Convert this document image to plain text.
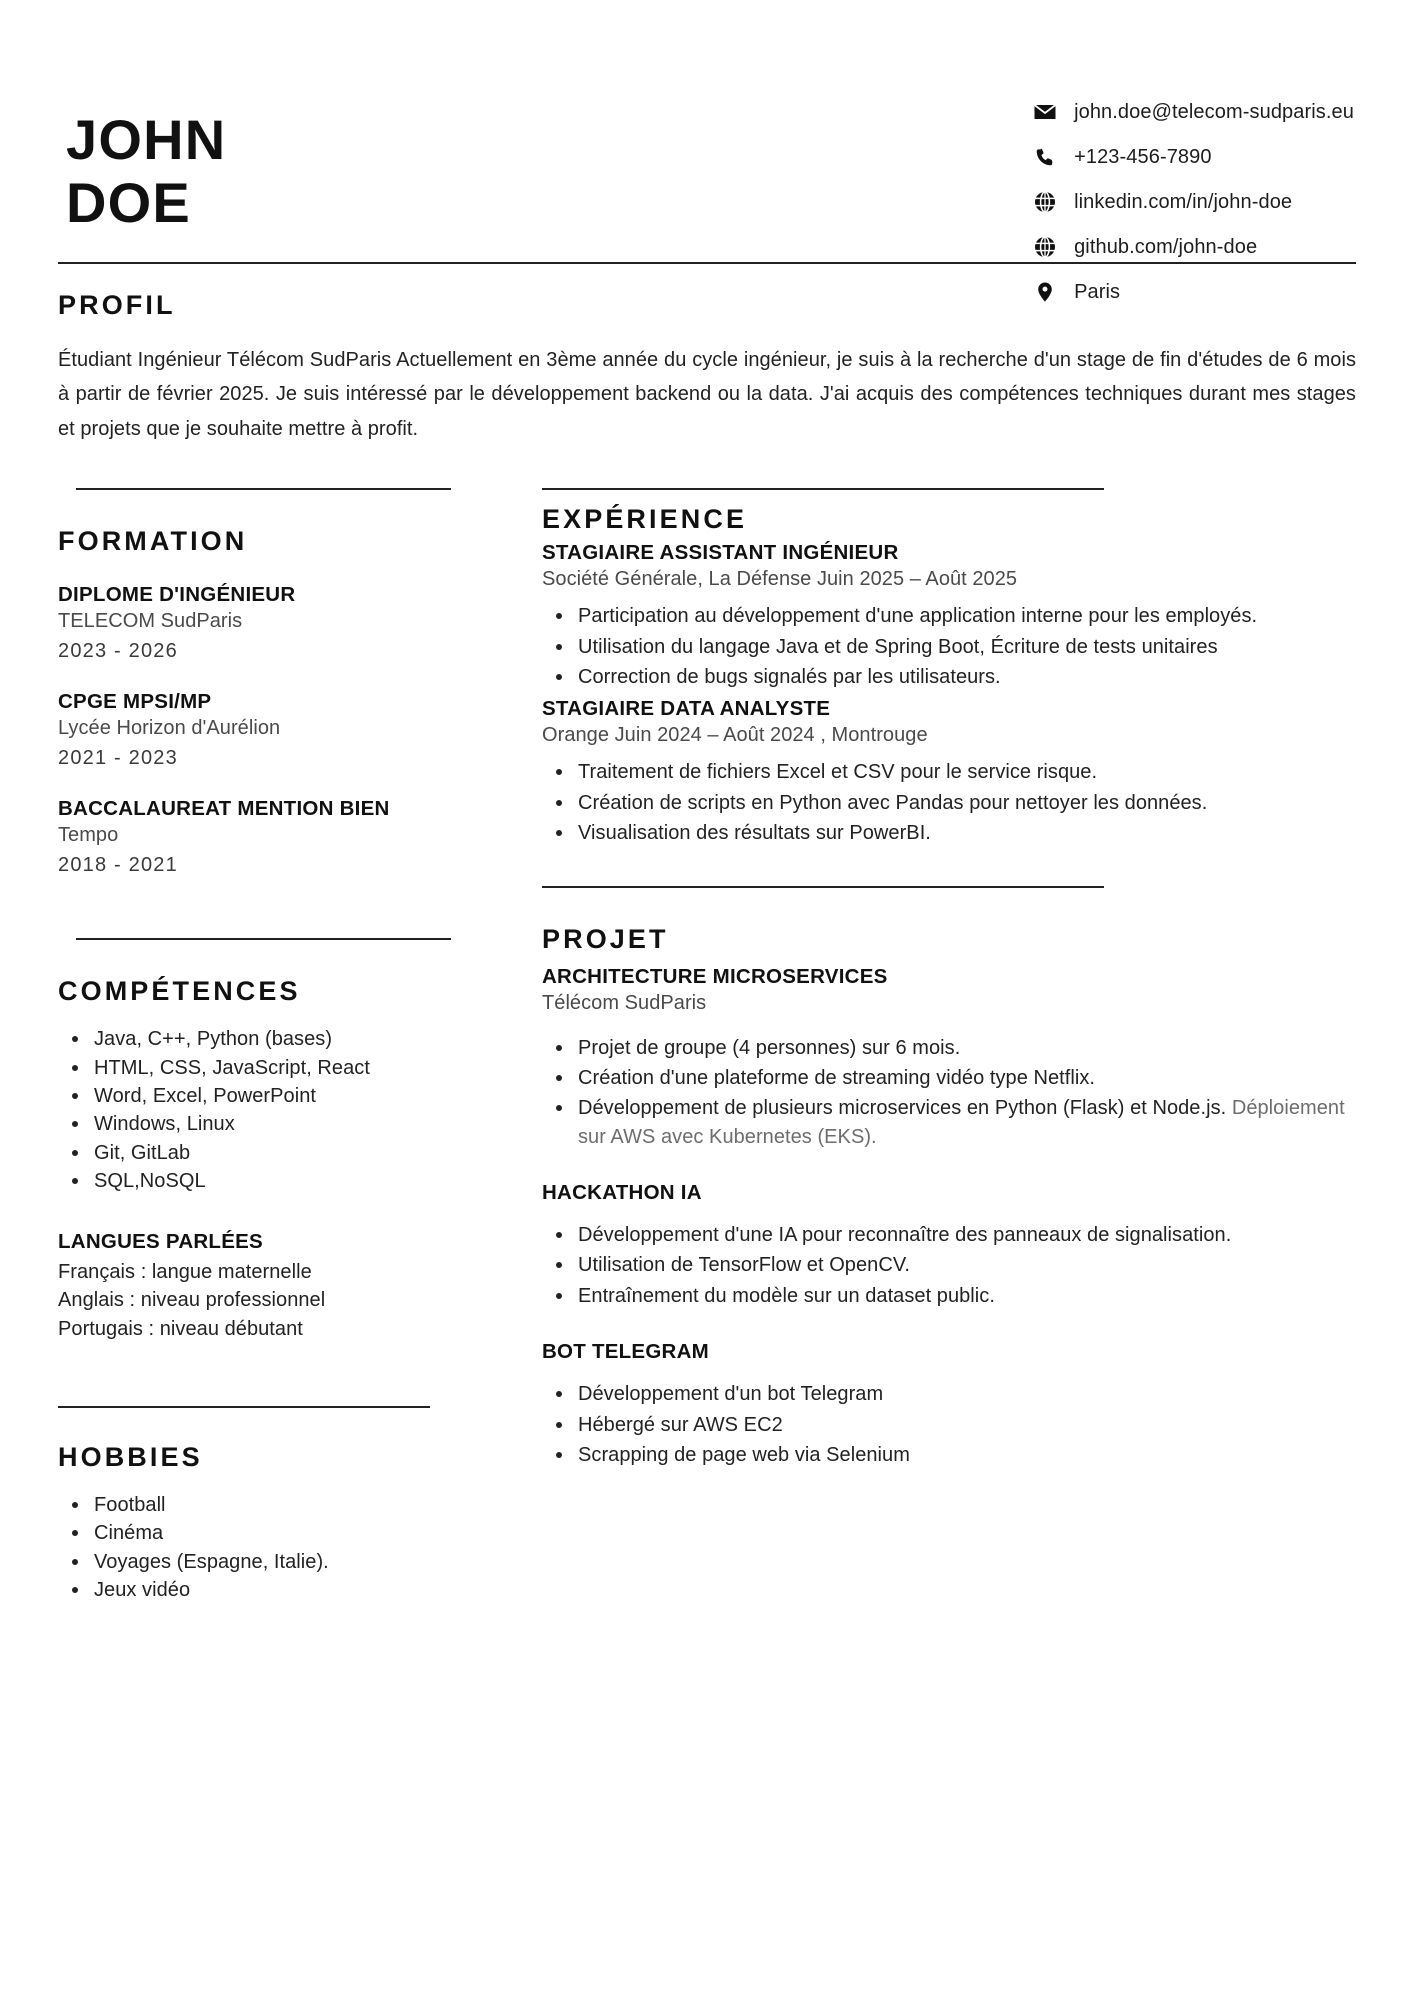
JOHN
DOE
john.doe@telecom-sudparis.eu
+123-456-7890
linkedin.com/in/john-doe
github.com/john-doe
Paris
PROFIL

Étudiant Ingénieur Télécom SudParis Actuellement en 3ème année du cycle ingénieur, je suis à la recherche d'un stage de fin d'études de 6 mois à partir de février 2025. Je suis intéressé par le développement backend ou la data. J'ai acquis des compétences techniques durant mes stages et projets que je souhaite mettre à profit.

FORMATION
DIPLOME D'INGÉNIEUR
TELECOM SudParis
2023 - 2026
CPGE MPSI/MP
Lycée Horizon d'Aurélion
2021 - 2023
BACCALAUREAT MENTION BIEN
Tempo
2018 - 2021
COMPÉTENCES
Java, C++, Python (bases)
HTML, CSS, JavaScript, React
Word, Excel, PowerPoint
Windows, Linux
Git, GitLab
SQL,NoSQL
LANGUES PARLÉES
Français : langue maternelle
Anglais : niveau professionnel
Portugais : niveau débutant
HOBBIES
Football
Cinéma
Voyages (Espagne, Italie).
Jeux vidéo
EXPÉRIENCE
STAGIAIRE ASSISTANT INGÉNIEUR
Société Générale, La Défense Juin 2025 – Août 2025
Participation au développement d'une application interne pour les employés.
Utilisation du langage Java et de Spring Boot, Écriture de tests unitaires
Correction de bugs signalés par les utilisateurs.
STAGIAIRE DATA ANALYSTE
Orange Juin 2024 – Août 2024 , Montrouge
Traitement de fichiers Excel et CSV pour le service risque.
Création de scripts en Python avec Pandas pour nettoyer les données.
Visualisation des résultats sur PowerBI.
PROJET
ARCHITECTURE MICROSERVICES
Télécom SudParis
Projet de groupe (4 personnes) sur 6 mois.
Création d'une plateforme de streaming vidéo type Netflix.
Développement de plusieurs microservices en Python (Flask) et Node.js. Déploiement sur AWS avec Kubernetes (EKS).
HACKATHON IA
Développement d'une IA pour reconnaître des panneaux de signalisation.
Utilisation de TensorFlow et OpenCV.
Entraînement du modèle sur un dataset public.
BOT TELEGRAM
Développement d'un bot Telegram
Hébergé sur AWS EC2
Scrapping de page web via Selenium
